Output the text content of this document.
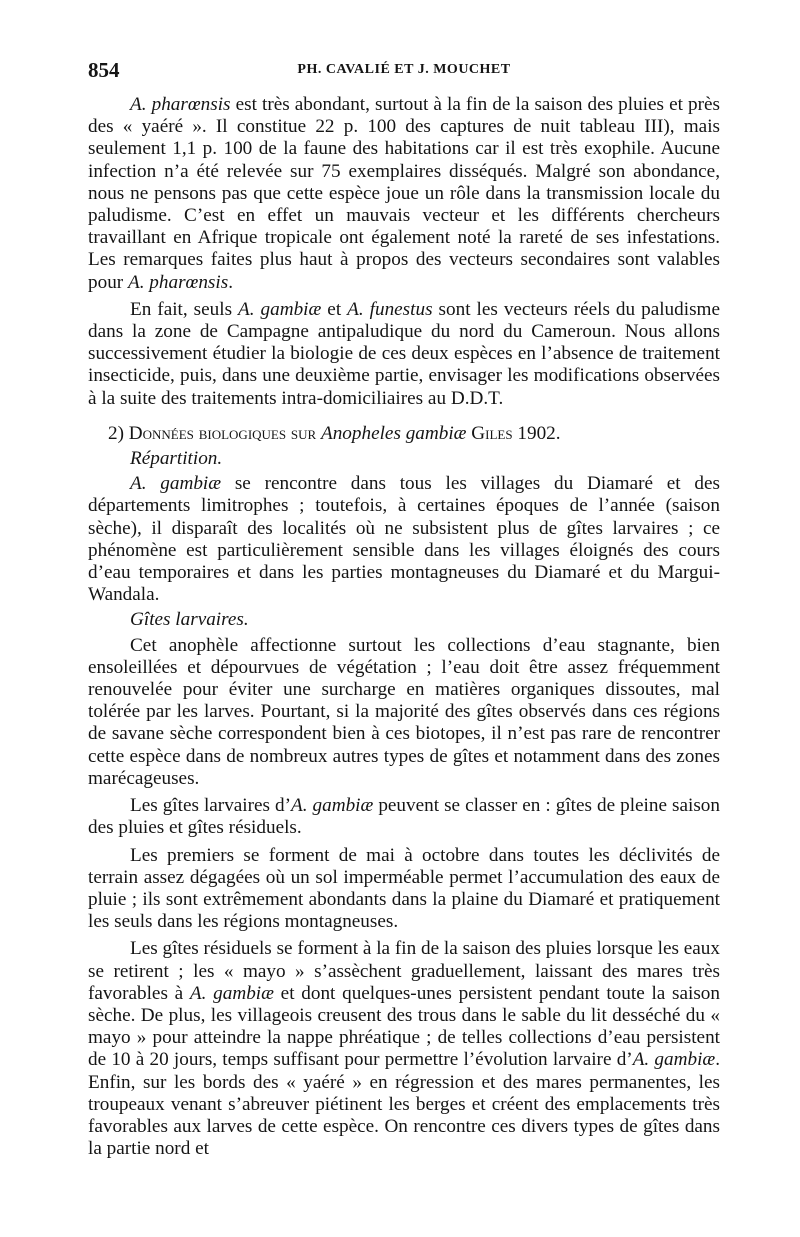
854	PH. CAVALIÉ ET J. MOUCHET

A. pharœnsis est très abondant, surtout à la fin de la saison des pluies et près des « yaéré ». Il constitue 22 p. 100 des captures de nuit tableau III), mais seulement 1,1 p. 100 de la faune des habitations car il est très exophile. Aucune infection n’a été relevée sur 75 exemplaires disséqués. Malgré son abondance, nous ne pensons pas que cette espèce joue un rôle dans la transmission locale du paludisme. C’est en effet un mauvais vecteur et les différents chercheurs travaillant en Afrique tropicale ont également noté la rareté de ses infestations. Les remarques faites plus haut à propos des vecteurs secondaires sont valables pour A. pharœnsis.

En fait, seuls A. gambiæ et A. funestus sont les vecteurs réels du paludisme dans la zone de Campagne antipaludique du nord du Cameroun. Nous allons successivement étudier la biologie de ces deux espèces en l’absence de traitement insecticide, puis, dans une deuxième partie, envisager les modifications observées à la suite des traitements intra-domiciliaires au D.D.T.

2) Données biologiques sur Anopheles gambiæ Giles 1902.

Répartition.

A. gambiæ se rencontre dans tous les villages du Diamaré et des départements limitrophes ; toutefois, à certaines époques de l’année (saison sèche), il disparaît des localités où ne subsistent plus de gîtes larvaires ; ce phénomène est particulièrement sensible dans les villages éloignés des cours d’eau temporaires et dans les parties montagneuses du Diamaré et du Margui-Wandala.

Gîtes larvaires.

Cet anophèle affectionne surtout les collections d’eau stagnante, bien ensoleillées et dépourvues de végétation ; l’eau doit être assez fréquemment renouvelée pour éviter une surcharge en matières organiques dissoutes, mal tolérée par les larves. Pourtant, si la majorité des gîtes observés dans ces régions de savane sèche correspondent bien à ces biotopes, il n’est pas rare de rencontrer cette espèce dans de nombreux autres types de gîtes et notamment dans des zones marécageuses.

Les gîtes larvaires d’A. gambiæ peuvent se classer en : gîtes de pleine saison des pluies et gîtes résiduels.

Les premiers se forment de mai à octobre dans toutes les déclivités de terrain assez dégagées où un sol imperméable permet l’accumulation des eaux de pluie ; ils sont extrêmement abondants dans la plaine du Diamaré et pratiquement les seuls dans les régions montagneuses.

Les gîtes résiduels se forment à la fin de la saison des pluies lorsque les eaux se retirent ; les « mayo » s’assèchent graduellement, laissant des mares très favorables à A. gambiæ et dont quelques-unes persistent pendant toute la saison sèche. De plus, les villageois creusent des trous dans le sable du lit desséché du « mayo » pour atteindre la nappe phréatique ; de telles collections d’eau persistent de 10 à 20 jours, temps suffisant pour permettre l’évolution larvaire d’A. gambiæ. Enfin, sur les bords des « yaéré » en régression et des mares permanentes, les troupeaux venant s’abreuver piétinent les berges et créent des emplacements très favorables aux larves de cette espèce. On rencontre ces divers types de gîtes dans la partie nord et
